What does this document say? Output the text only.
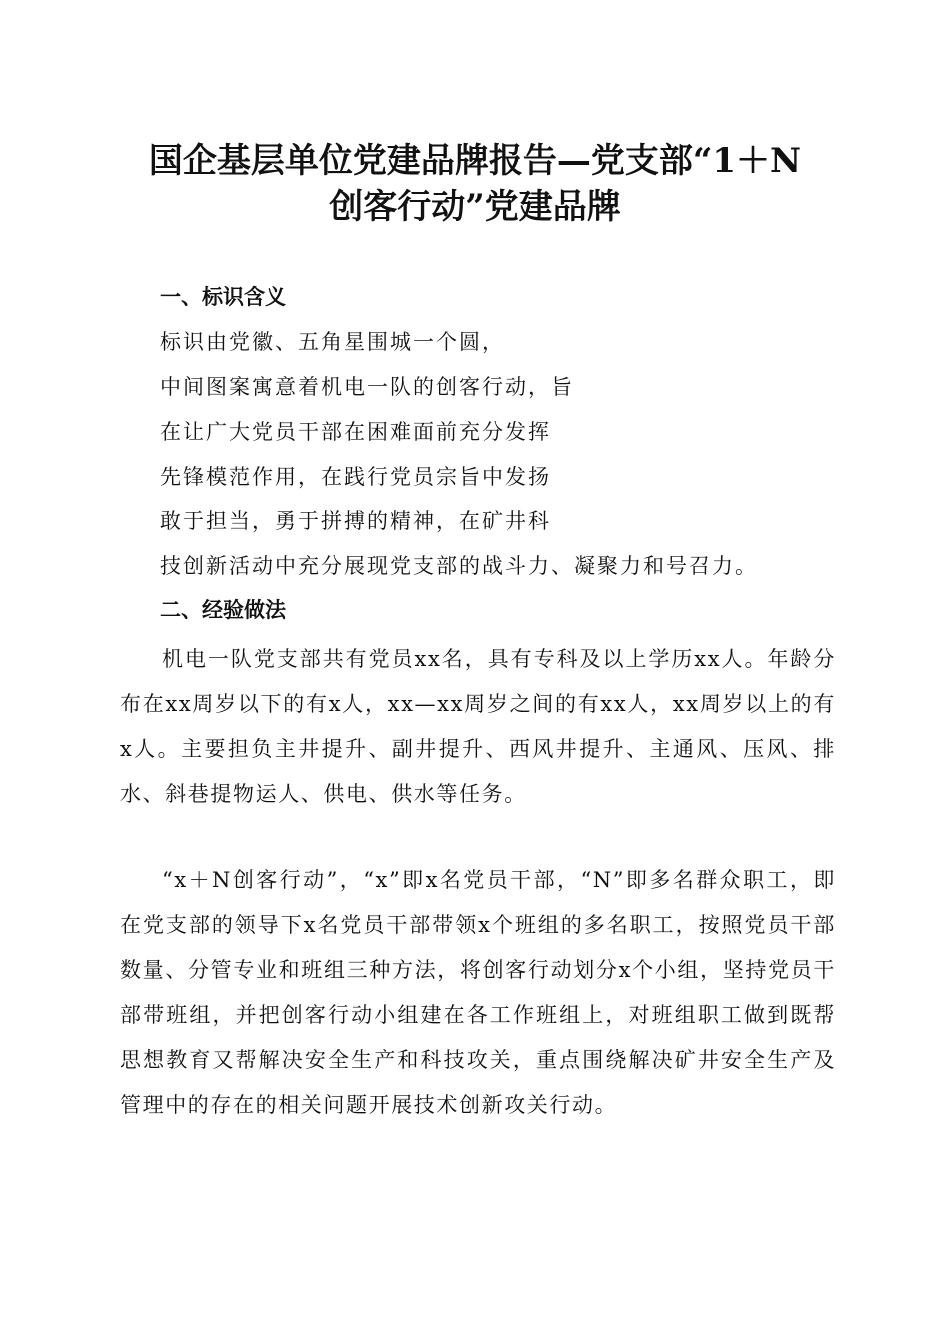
国企基层单位党建品牌报告—党支部“1＋N
创客行动”党建品牌
一、标识含义

标识由党徽、五角星围城一个圆，

中间图案寓意着机电一队的创客行动，旨

在让广大党员干部在困难面前充分发挥

先锋模范作用，在践行党员宗旨中发扬

敢于担当，勇于拼搏的精神，在矿井科

技创新活动中充分展现党支部的战斗力、凝聚力和号召力。

二、经验做法

机电一队党支部共有党员xx名，具有专科及以上学历xx人。年龄分布在xx周岁以下的有x人，xx—xx周岁之间的有xx人，xx周岁以上的有x人。主要担负主井提升、副井提升、西风井提升、主通风、压风、排水、斜巷提物运人、供电、供水等任务。

“x＋N创客行动”，“x”即x名党员干部，“N”即多名群众职工，即在党支部的领导下x名党员干部带领x个班组的多名职工，按照党员干部数量、分管专业和班组三种方法，将创客行动划分x个小组，坚持党员干部带班组，并把创客行动小组建在各工作班组上，对班组职工做到既帮思想教育又帮解决安全生产和科技攻关，重点围绕解决矿井安全生产及管理中的存在的相关问题开展技术创新攻关行动。
